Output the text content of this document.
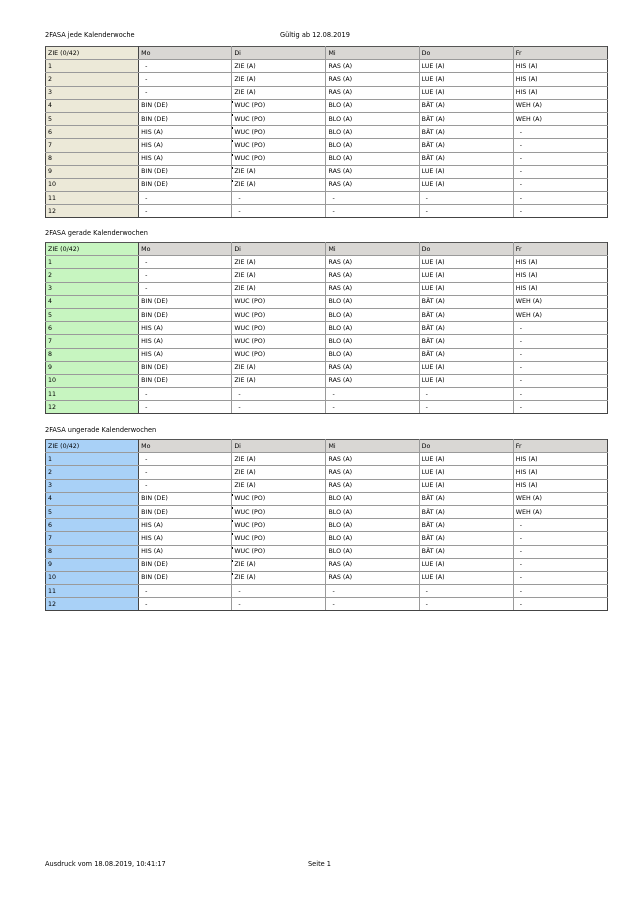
2FASA jede Kalenderwoche	Gültig ab 12.08.2019
ZIE (0/42)	Mo	Di	Mi	Do	Fr
1	-	ZIE (A)	RAS (A)	LUE (A)	HIS (A)
2	-	ZIE (A)	RAS (A)	LUE (A)	HIS (A)
3	-	ZIE (A)	RAS (A)	LUE (A)	HIS (A)
4	BIN (DE)	WUC (PO)	BLO (A)	BÄT (A)	WEH (A)
5	BIN (DE)	WUC (PO)	BLO (A)	BÄT (A)	WEH (A)
6	HIS (A)	WUC (PO)	BLO (A)	BÄT (A)	-
7	HIS (A)	WUC (PO)	BLO (A)	BÄT (A)	-
8	HIS (A)	WUC (PO)	BLO (A)	BÄT (A)	-
9	BIN (DE)	ZIE (A)	RAS (A)	LUE (A)	-
10	BIN (DE)	ZIE (A)	RAS (A)	LUE (A)	-
11	-	-	-	-	-
12	-	-	-	-	-
2FASA gerade Kalenderwochen
ZIE (0/42)	Mo	Di	Mi	Do	Fr
1	-	ZIE (A)	RAS (A)	LUE (A)	HIS (A)
2	-	ZIE (A)	RAS (A)	LUE (A)	HIS (A)
3	-	ZIE (A)	RAS (A)	LUE (A)	HIS (A)
4	BIN (DE)	WUC (PO)	BLO (A)	BÄT (A)	WEH (A)
5	BIN (DE)	WUC (PO)	BLO (A)	BÄT (A)	WEH (A)
6	HIS (A)	WUC (PO)	BLO (A)	BÄT (A)	-
7	HIS (A)	WUC (PO)	BLO (A)	BÄT (A)	-
8	HIS (A)	WUC (PO)	BLO (A)	BÄT (A)	-
9	BIN (DE)	ZIE (A)	RAS (A)	LUE (A)	-
10	BIN (DE)	ZIE (A)	RAS (A)	LUE (A)	-
11	-	-	-	-	-
12	-	-	-	-	-
2FASA ungerade Kalenderwochen
ZIE (0/42)	Mo	Di	Mi	Do	Fr
1	-	ZIE (A)	RAS (A)	LUE (A)	HIS (A)
2	-	ZIE (A)	RAS (A)	LUE (A)	HIS (A)
3	-	ZIE (A)	RAS (A)	LUE (A)	HIS (A)
4	BIN (DE)	WUC (PO)	BLO (A)	BÄT (A)	WEH (A)
5	BIN (DE)	WUC (PO)	BLO (A)	BÄT (A)	WEH (A)
6	HIS (A)	WUC (PO)	BLO (A)	BÄT (A)	-
7	HIS (A)	WUC (PO)	BLO (A)	BÄT (A)	-
8	HIS (A)	WUC (PO)	BLO (A)	BÄT (A)	-
9	BIN (DE)	ZIE (A)	RAS (A)	LUE (A)	-
10	BIN (DE)	ZIE (A)	RAS (A)	LUE (A)	-
11	-	-	-	-	-
12	-	-	-	-	-
Ausdruck vom 18.08.2019, 10:41:17	Seite 1
